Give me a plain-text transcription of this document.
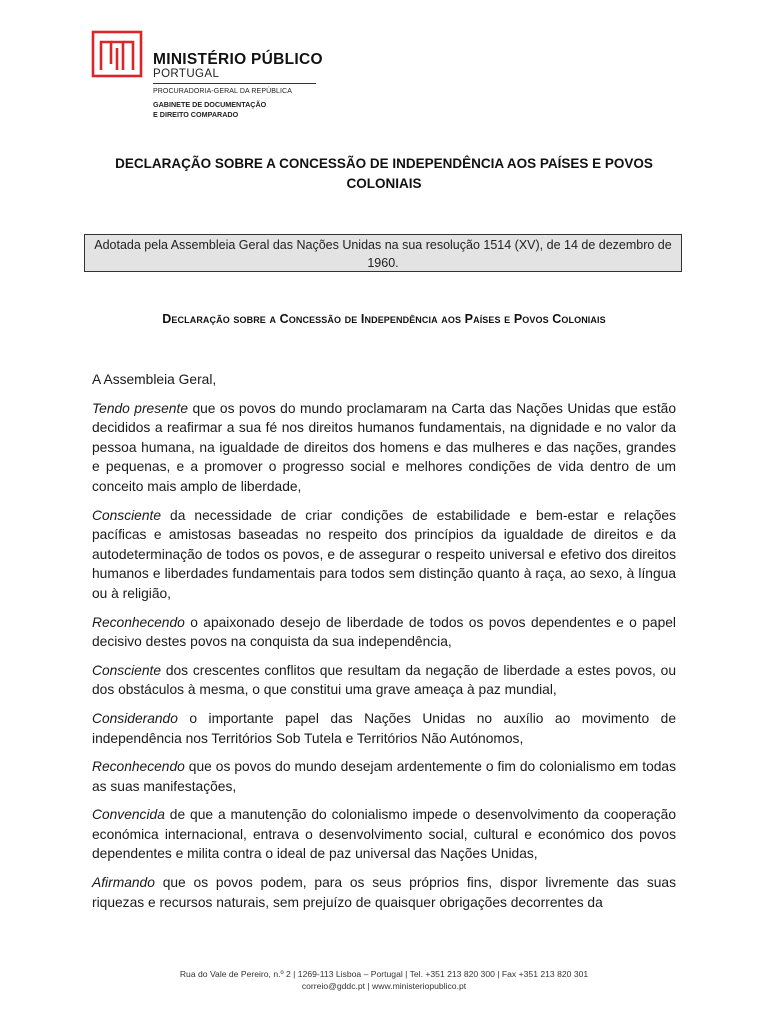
MINISTÉRIO PÚBLICO
PORTUGAL
PROCURADORIA-GERAL DA REPÚBLICA
GABINETE DE DOCUMENTAÇÃO
E DIREITO COMPARADO
DECLARAÇÃO SOBRE A CONCESSÃO DE INDEPENDÊNCIA AOS PAÍSES E POVOS COLONIAIS
Adotada pela Assembleia Geral das Nações Unidas na sua resolução 1514 (XV), de 14 de dezembro de 1960.
Declaração sobre a Concessão de Independência aos Países e Povos Coloniais

A Assembleia Geral,

Tendo presente que os povos do mundo proclamaram na Carta das Nações Unidas que estão decididos a reafirmar a sua fé nos direitos humanos fundamentais, na dignidade e no valor da pessoa humana, na igualdade de direitos dos homens e das mulheres e das nações, grandes e pequenas, e a promover o progresso social e melhores condições de vida dentro de um conceito mais amplo de liberdade,

Consciente da necessidade de criar condições de estabilidade e bem-estar e relações pacíficas e amistosas baseadas no respeito dos princípios da igualdade de direitos e da autodeterminação de todos os povos, e de assegurar o respeito universal e efetivo dos direitos humanos e liberdades fundamentais para todos sem distinção quanto à raça, ao sexo, à língua ou à religião,

Reconhecendo o apaixonado desejo de liberdade de todos os povos dependentes e o papel decisivo destes povos na conquista da sua independência,

Consciente dos crescentes conflitos que resultam da negação de liberdade a estes povos, ou dos obstáculos à mesma, o que constitui uma grave ameaça à paz mundial,

Considerando o importante papel das Nações Unidas no auxílio ao movimento de independência nos Territórios Sob Tutela e Territórios Não Autónomos,

Reconhecendo que os povos do mundo desejam ardentemente o fim do colonialismo em todas as suas manifestações,

Convencida de que a manutenção do colonialismo impede o desenvolvimento da cooperação económica internacional, entrava o desenvolvimento social, cultural e económico dos povos dependentes e milita contra o ideal de paz universal das Nações Unidas,

Afirmando que os povos podem, para os seus próprios fins, dispor livremente das suas riquezas e recursos naturais, sem prejuízo de quaisquer obrigações decorrentes da

Rua do Vale de Pereiro, n.º 2 | 1269-113 Lisboa – Portugal | Tel. +351 213 820 300 | Fax +351 213 820 301
correio@gddc.pt | www.ministeriopublico.pt
